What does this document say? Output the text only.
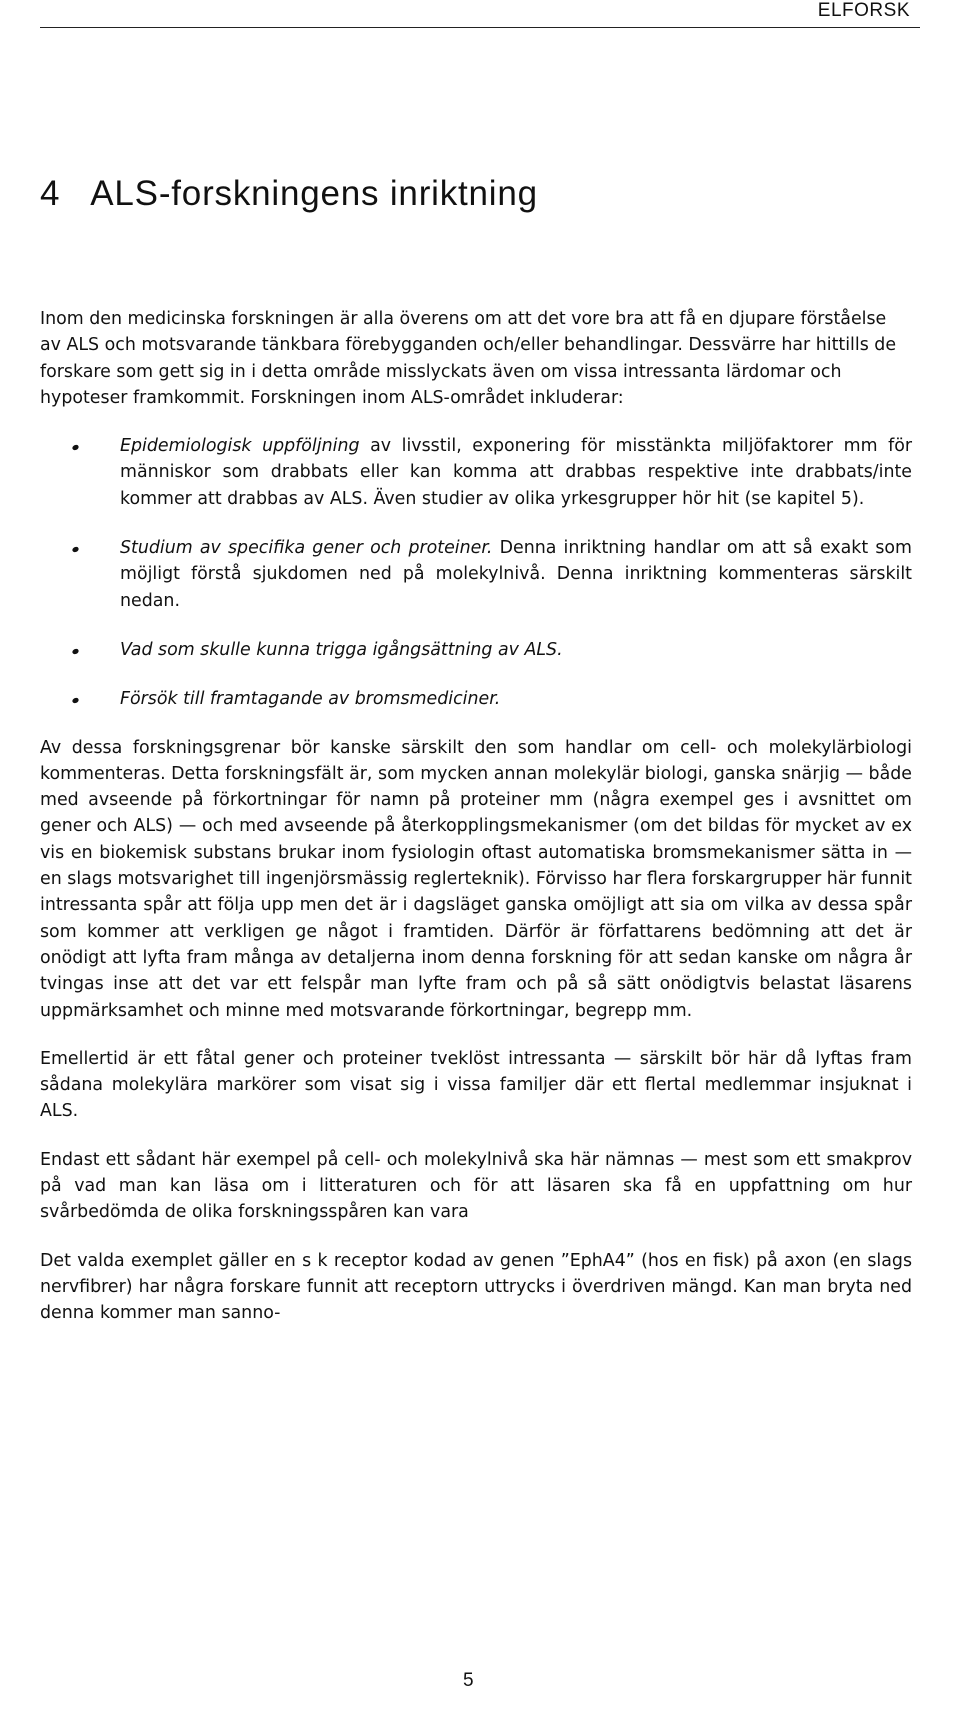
ELFORSK
4 ALS-forskningens inriktning

Inom den medicinska forskningen är alla överens om att det vore bra att få en djupare förståelse av ALS och motsvarande tänkbara förebygganden och/eller behandlingar. Dessvärre har hittills de forskare som gett sig in i detta område misslyckats även om vissa intressanta lärdomar och hypoteser framkommit. Forskningen inom ALS-området inkluderar:

Epidemiologisk uppföljning av livsstil, exponering för misstänkta miljöfaktorer mm för människor som drabbats eller kan komma att drabbas respektive inte drabbats/inte kommer att drabbas av ALS. Även studier av olika yrkesgrupper hör hit (se kapitel 5).
Studium av specifika gener och proteiner. Denna inriktning handlar om att så exakt som möjligt förstå sjukdomen ned på molekylnivå. Denna inriktning kommenteras särskilt nedan.
Vad som skulle kunna trigga igångsättning av ALS.
Försök till framtagande av bromsmediciner.

Av dessa forskningsgrenar bör kanske särskilt den som handlar om cell- och molekylärbiologi kommenteras. Detta forskningsfält är, som mycken annan molekylär biologi, ganska snärjig — både med avseende på förkortningar för namn på proteiner mm (några exempel ges i avsnittet om gener och ALS) — och med avseende på återkopplingsmekanismer (om det bildas för mycket av ex vis en biokemisk substans brukar inom fysiologin oftast automatiska bromsmekanismer sätta in — en slags motsvarighet till ingenjörsmässig reglerteknik). Förvisso har flera forskargrupper här funnit intressanta spår att följa upp men det är i dagsläget ganska omöjligt att sia om vilka av dessa spår som kommer att verkligen ge något i framtiden. Därför är författarens bedömning att det är onödigt att lyfta fram många av detaljerna inom denna forskning för att sedan kanske om några år tvingas inse att det var ett felspår man lyfte fram och på så sätt onödigtvis belastat läsarens uppmärksamhet och minne med motsvarande förkortningar, begrepp mm.

Emellertid är ett fåtal gener och proteiner tveklöst intressanta — särskilt bör här då lyftas fram sådana molekylära markörer som visat sig i vissa familjer där ett flertal medlemmar insjuknat i ALS.

Endast ett sådant här exempel på cell- och molekylnivå ska här nämnas — mest som ett smakprov på vad man kan läsa om i litteraturen och för att läsaren ska få en uppfattning om hur svårbedömda de olika forskningsspåren kan vara

Det valda exemplet gäller en s k receptor kodad av genen ”EphA4” (hos en fisk) på axon (en slags nervfibrer) har några forskare funnit att receptorn uttrycks i överdriven mängd. Kan man bryta ned denna kommer man sanno-

5
